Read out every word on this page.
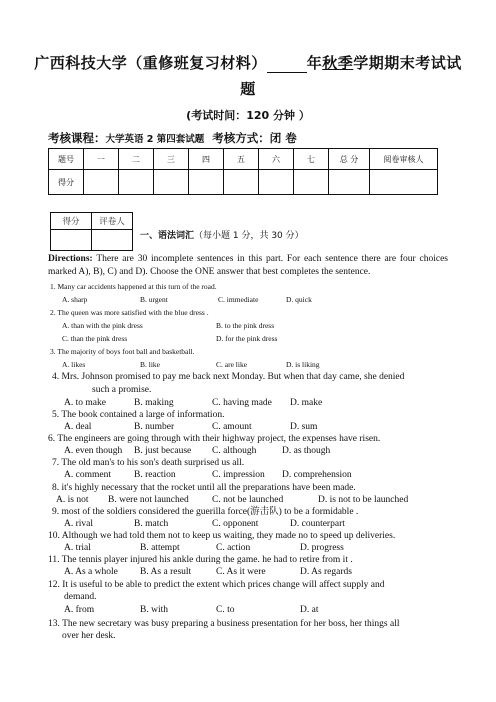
广西科技大学（重修班复习材料）	年秋季学期期末考试试
题
(考试时间：120 分钟 ）
考核课程：大学英语 2 第四套试题 考核方式：闭 卷
题号	一	二	三	四	五	六	七	总 分	阅卷审核人
得分									
得分	评卷人

一、语法词汇（每小题 1 分，共 30 分）
Directions: There are 30 incomplete sentences in this part. For each sentence there are four choices marked A), B), C) and D). Choose the ONE answer that best completes the sentence.
1. Many car accidents happened at this turn of the road.
A. sharp	B. urgent	C. immediate	D. quick
2. The queen was more satisfied with the blue dress .
A. than with the pink dress	B. to the pink dress
C. than the pink dress	D. for the pink dress
3. The majority of boys foot ball and basketball.
A. likes	B. like	C. are like	D. is liking
4. Mrs. Johnson promised to pay me back next Monday. But when that day came, she denied
such a promise.
A. to make	B. making	C. having made D. make
5. The book contained a large of information.
A. deal	B. number	C. amount	D. sum
6. The engineers are going through with their highway project, the expenses have risen.
A. even though B. just because C. although	D. as though
7. The old man's to his son's death surprised us all.
A. comment B. reaction	C. impression D. comprehension
8. it's highly necessary that the rocket until all the preparations have been made.
A. is not B. were not launched C. not be launched	D. is not to be launched
9. most of the soldiers considered the guerilla force(游击队) to be a formidable .
A. rival	B. match	C. opponent	D. counterpart
10. Although we had told them not to keep us waiting, they made no to speed up deliveries.
A. trial	B. attempt	C. action	D. progress
11. The tennis player injured his ankle during the game. he had to retire from it .
A. As a whole B. As a result	C. As it were	D. As regards
12. It is useful to be able to predict the extent which prices change will affect supply and
demand.
A. from	B. with	C. to	D. at
13. The new secretary was busy preparing a business presentation for her boss, her things all
over her desk.
